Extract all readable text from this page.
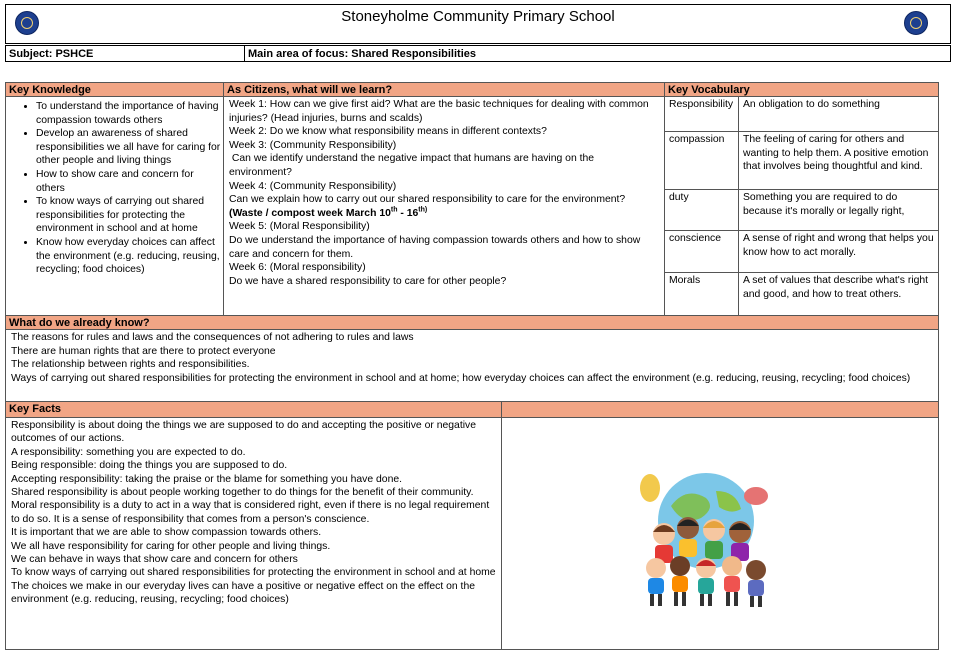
Stoneyholme Community Primary School
Subject: PSHCE	Main area of focus: Shared Responsibilities
Key Knowledge	As Citizens, what will we learn?	Key Vocabulary
• To understand the importance of having compassion towards others
• Develop an awareness of shared responsibilities we all have for caring for other people and living things
• How to show care and concern for others
• To know ways of carrying out shared responsibilities for protecting the environment in school and at home
• Know how everyday choices can affect the environment (e.g. reducing, reusing, recycling; food choices)

Week 1: How can we give first aid? What are the basic techniques for dealing with common injuries? (Head injuries, burns and scalds)

Week 2: Do we know what responsibility means in different contexts?

Week 3: (Community Responsibility)

Can we identify understand the negative impact that humans are having on the environment?

Week 4: (Community Responsibility)

Can we explain how to carry out our shared responsibility to care for the environment?

(Waste / compost week March $10th - 16^{th)}$

Week 5: (Moral Responsibility)

Do we understand the importance of having compassion towards others and how to show care and concern for them.

Week 6: (Moral responsibility)

Do we have a shared responsibility to care for other people?

Responsibility An obligation to do something
compassion	The feeling of caring for others and wanting to help them. A positive emotion that involves being thoughtful and kind.
duty	Something you are required to do because it's morally or legally right,
conscience	A sense of right and wrong that helps you know how to act morally.
Morals	A set of values that describe what's right and good, and how to treat others.
What do we already know?

The reasons for rules and laws and the consequences of not adhering to rules and laws

There are human rights that are there to protect everyone

The relationship between rights and responsibilities.

Ways of carrying out shared responsibilities for protecting the environment in school and at home; how everyday choices can affect the environment (e.g. reducing, reusing, recycling; food choices)

Key Facts

Responsibility is about doing the things we are supposed to do and accepting the positive or negative outcomes of our actions.

A responsibility: something you are expected to do.

Being responsible: doing the things you are supposed to do.

Accepting responsibility: taking the praise or the blame for something you have done.

Shared responsibility is about people working together to do things for the benefit of their community.

Moral responsibility is a duty to act in a way that is considered right, even if there is no legal requirement to do so. It is a sense of responsibility that comes from a person's conscience.

It is important that we are able to show compassion towards others.

We all have responsibility for caring for other people and living things.

We can behave in ways that show care and concern for others

To know ways of carrying out shared responsibilities for protecting the environment in school and at home

The choices we make in our everyday lives can have a positive or negative effect on the effect on the environment (e.g. reducing, reusing, recycling; food choices)
